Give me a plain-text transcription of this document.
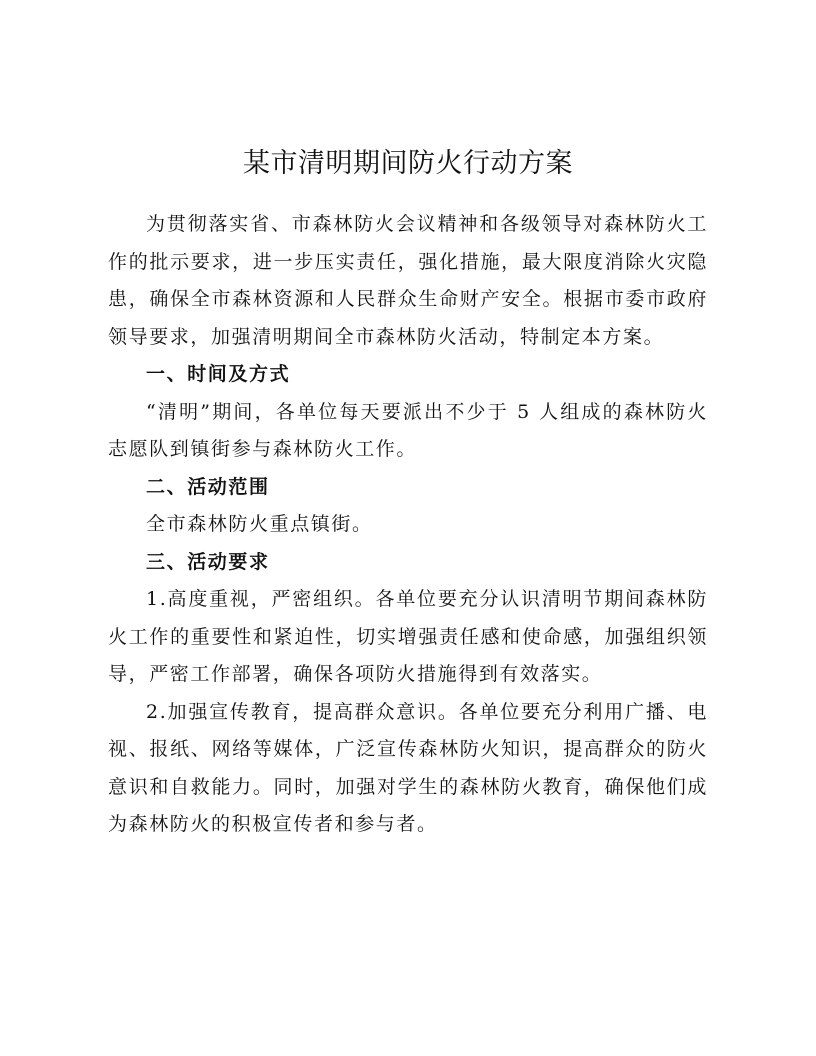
某市清明期间防火行动方案

为贯彻落实省、市森林防火会议精神和各级领导对森林防火工作的批示要求，进一步压实责任，强化措施，最大限度消除火灾隐患，确保全市森林资源和人民群众生命财产安全。根据市委市政府领导要求，加强清明期间全市森林防火活动，特制定本方案。

一、时间及方式

“清明”期间，各单位每天要派出不少于 5 人组成的森林防火志愿队到镇街参与森林防火工作。

二、活动范围

全市森林防火重点镇街。

三、活动要求

1.高度重视，严密组织。各单位要充分认识清明节期间森林防火工作的重要性和紧迫性，切实增强责任感和使命感，加强组织领导，严密工作部署，确保各项防火措施得到有效落实。

2.加强宣传教育，提高群众意识。各单位要充分利用广播、电视、报纸、网络等媒体，广泛宣传森林防火知识，提高群众的防火意识和自救能力。同时，加强对学生的森林防火教育，确保他们成为森林防火的积极宣传者和参与者。
